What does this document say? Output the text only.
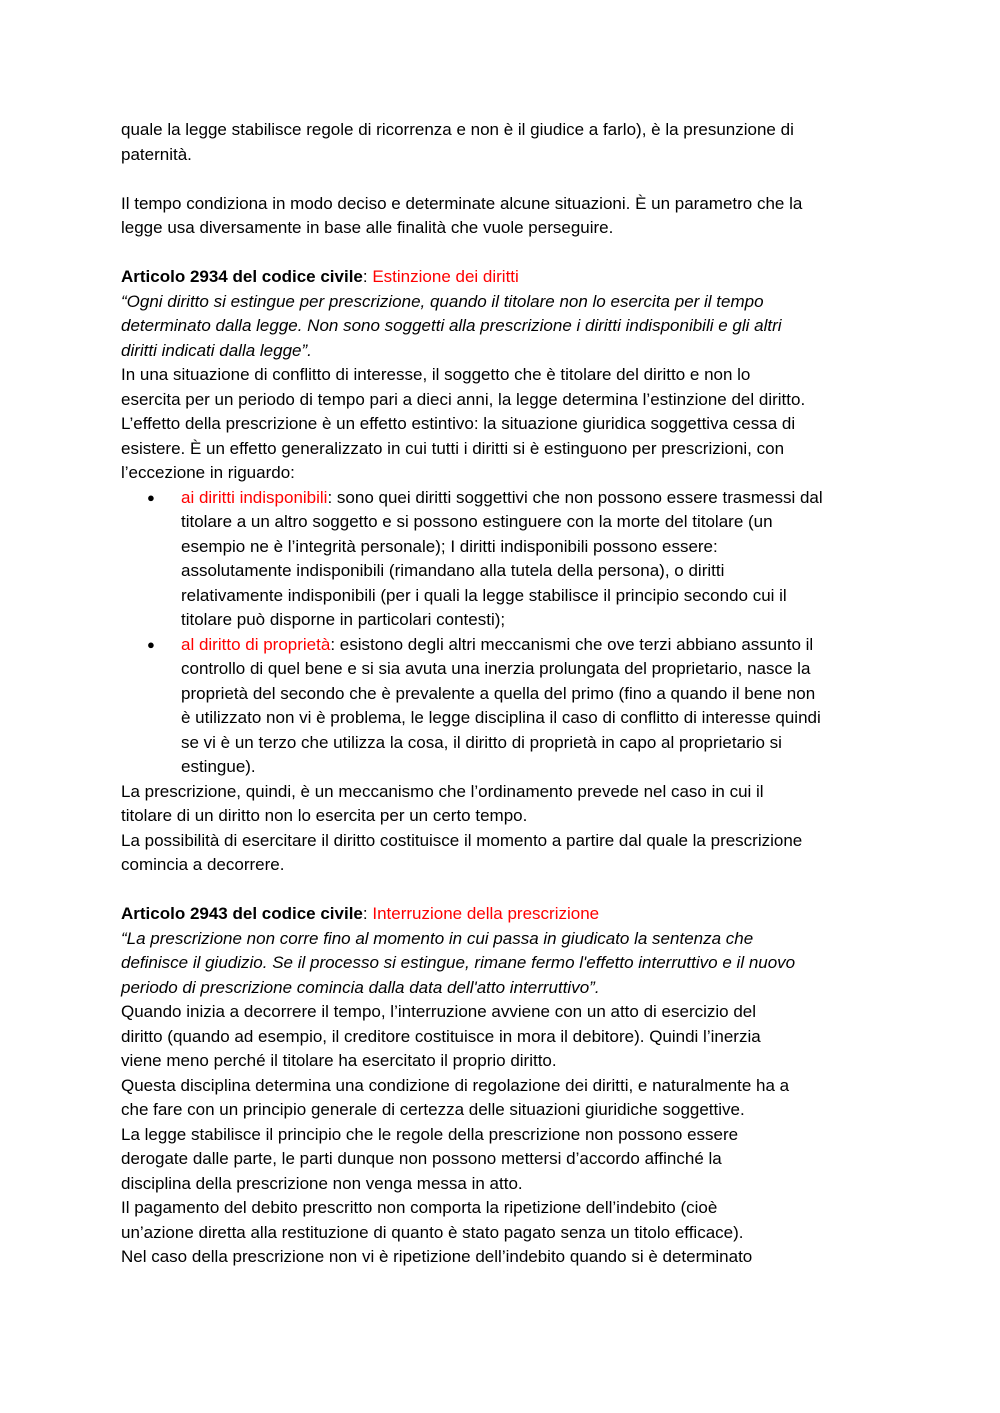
quale la legge stabilisce regole di ricorrenza e non è il giudice a farlo), è la presunzione di
paternità.
Il tempo condiziona in modo deciso e determinate alcune situazioni. È un parametro che la
legge usa diversamente in base alle finalità che vuole perseguire.
Articolo 2934 del codice civile: Estinzione dei diritti
“Ogni diritto si estingue per prescrizione, quando il titolare non lo esercita per il tempo
determinato dalla legge. Non sono soggetti alla prescrizione i diritti indisponibili e gli altri
diritti indicati dalla legge”.
In una situazione di conflitto di interesse, il soggetto che è titolare del diritto e non lo
esercita per un periodo di tempo pari a dieci anni, la legge determina l’estinzione del diritto.
L’effetto della prescrizione è un effetto estintivo: la situazione giuridica soggettiva cessa di
esistere. È un effetto generalizzato in cui tutti i diritti si è estinguono per prescrizioni, con
l’eccezione in riguardo:
● ai diritti indisponibili: sono quei diritti soggettivi che non possono essere trasmessi dal
titolare a un altro soggetto e si possono estinguere con la morte del titolare (un
esempio ne è l’integrità personale); I diritti indisponibili possono essere:
assolutamente indisponibili (rimandano alla tutela della persona), o diritti
relativamente indisponibili (per i quali la legge stabilisce il principio secondo cui il
titolare può disporne in particolari contesti);
● al diritto di proprietà: esistono degli altri meccanismi che ove terzi abbiano assunto il
controllo di quel bene e si sia avuta una inerzia prolungata del proprietario, nasce la
proprietà del secondo che è prevalente a quella del primo (fino a quando il bene non
è utilizzato non vi è problema, le legge disciplina il caso di conflitto di interesse quindi
se vi è un terzo che utilizza la cosa, il diritto di proprietà in capo al proprietario si
estingue).
La prescrizione, quindi, è un meccanismo che l’ordinamento prevede nel caso in cui il
titolare di un diritto non lo esercita per un certo tempo.
La possibilità di esercitare il diritto costituisce il momento a partire dal quale la prescrizione
comincia a decorrere.
Articolo 2943 del codice civile: Interruzione della prescrizione
“La prescrizione non corre fino al momento in cui passa in giudicato la sentenza che
definisce il giudizio. Se il processo si estingue, rimane fermo l'effetto interruttivo e il nuovo
periodo di prescrizione comincia dalla data dell'atto interruttivo”.
Quando inizia a decorrere il tempo, l’interruzione avviene con un atto di esercizio del
diritto (quando ad esempio, il creditore costituisce in mora il debitore). Quindi l’inerzia
viene meno perché il titolare ha esercitato il proprio diritto.
Questa disciplina determina una condizione di regolazione dei diritti, e naturalmente ha a
che fare con un principio generale di certezza delle situazioni giuridiche soggettive.
La legge stabilisce il principio che le regole della prescrizione non possono essere
derogate dalle parte, le parti dunque non possono mettersi d’accordo affinché la
disciplina della prescrizione non venga messa in atto.
Il pagamento del debito prescritto non comporta la ripetizione dell’indebito (cioè
un’azione diretta alla restituzione di quanto è stato pagato senza un titolo efficace).
Nel caso della prescrizione non vi è ripetizione dell’indebito quando si è determinato
